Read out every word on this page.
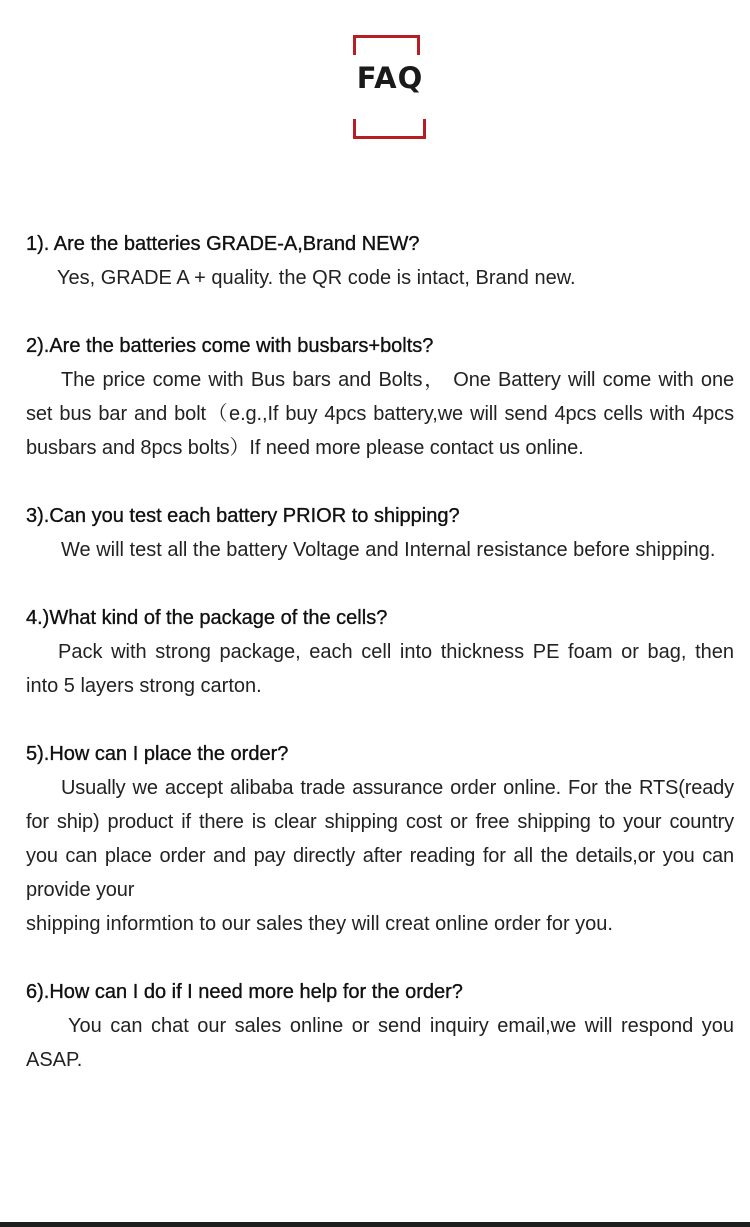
FAQ

1). Are the batteries GRADE-A,Brand NEW?

Yes, GRADE A + quality. the QR code is intact, Brand new.

2).Are the batteries come with busbars+bolts?

The price come with Bus bars and Bolts， One Battery will come with one set bus bar and bolt（e.g.,If buy 4pcs battery,we will send 4pcs cells with 4pcs busbars and 8pcs bolts）If need more please contact us online.

3).Can you test each battery PRIOR to shipping?

We will test all the battery Voltage and Internal resistance before shipping.

4.)What kind of the package of the cells?

Pack with strong package, each cell into thickness PE foam or bag, then into 5 layers strong carton.

5).How can I place the order?

Usually we accept alibaba trade assurance order online. For the RTS(ready for ship) product if there is clear shipping cost or free shipping to your country you can place order and pay directly after reading for all the details,or you can provide your

shipping informtion to our sales they will creat online order for you.

6).How can I do if I need more help for the order?

You can chat our sales online or send inquiry email,we will respond you ASAP.
